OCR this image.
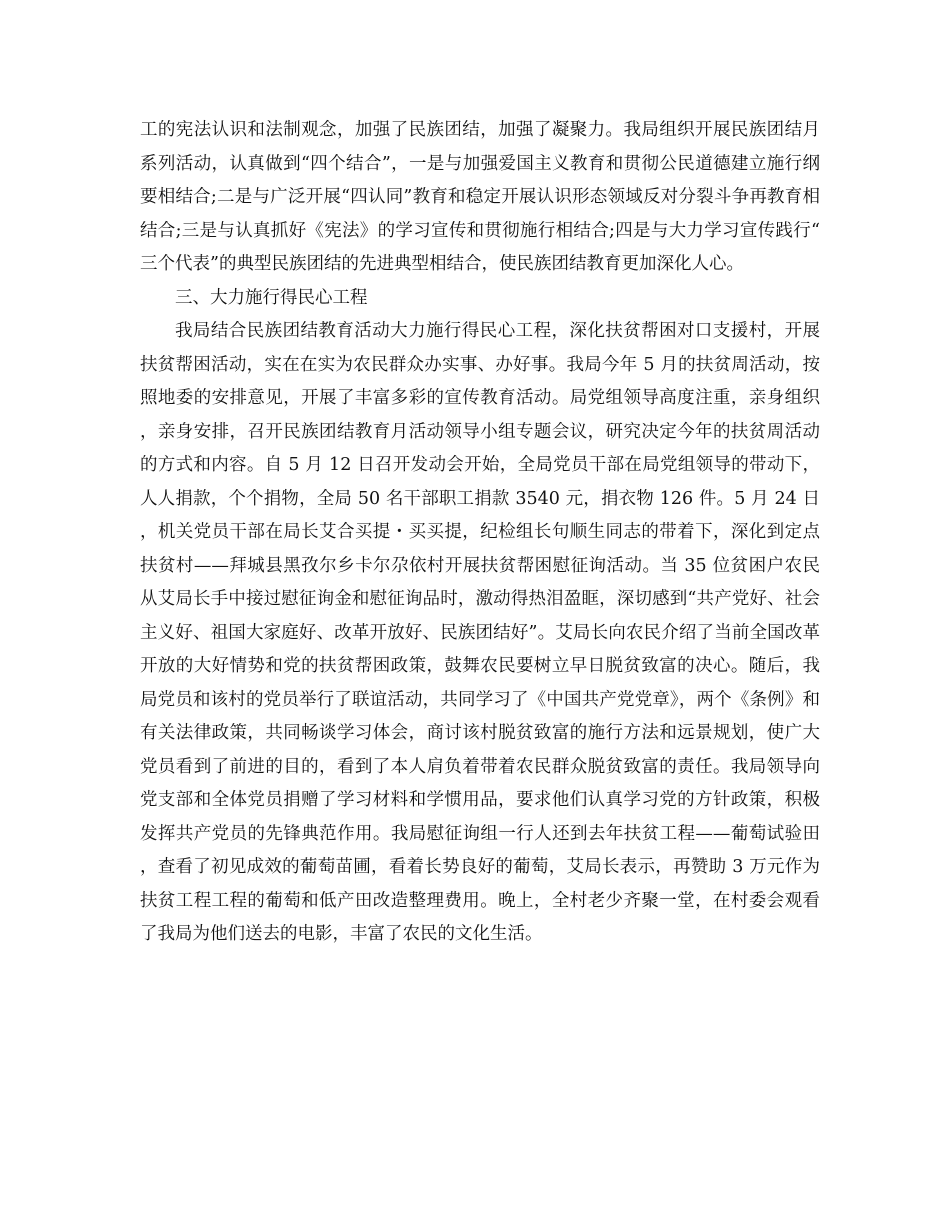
工的宪法认识和法制观念，加强了民族团结，加强了凝聚力。我局组织开展民族团结月系列活动，认真做到“四个结合”，一是与加强爱国主义教育和贯彻公民道德建立施行纲要相结合;二是与广泛开展“四认同”教育和稳定开展认识形态领域反对分裂斗争再教育相结合;三是与认真抓好《宪法》的学习宣传和贯彻施行相结合;四是与大力学习宣传践行“三个代表”的典型民族团结的先进典型相结合，使民族团结教育更加深化人心。

三、大力施行得民心工程

我局结合民族团结教育活动大力施行得民心工程，深化扶贫帮困对口支援村，开展扶贫帮困活动，实在在实为农民群众办实事、办好事。我局今年 5 月的扶贫周活动，按照地委的安排意见，开展了丰富多彩的宣传教育活动。局党组领导高度注重，亲身组织，亲身安排，召开民族团结教育月活动领导小组专题会议，研究决定今年的扶贫周活动的方式和内容。自 5 月 12 日召开发动会开始，全局党员干部在局党组领导的带动下，人人捐款，个个捐物，全局 50 名干部职工捐款 3540 元，捐衣物 126 件。5 月 24 日，机关党员干部在局长艾合买提・买买提，纪检组长句顺生同志的带着下，深化到定点扶贫村——拜城县黑孜尔乡卡尔尕依村开展扶贫帮困慰征询活动。当 35 位贫困户农民从艾局长手中接过慰征询金和慰征询品时，激动得热泪盈眶，深切感到“共产党好、社会主义好、祖国大家庭好、改革开放好、民族团结好”。艾局长向农民介绍了当前全国改革开放的大好情势和党的扶贫帮困政策，鼓舞农民要树立早日脱贫致富的决心。随后，我局党员和该村的党员举行了联谊活动，共同学习了《中国共产党党章》，两个《条例》和有关法律政策，共同畅谈学习体会，商讨该村脱贫致富的施行方法和远景规划，使广大党员看到了前进的目的，看到了本人肩负着带着农民群众脱贫致富的责任。我局领导向党支部和全体党员捐赠了学习材料和学惯用品，要求他们认真学习党的方针政策，积极发挥共产党员的先锋典范作用。我局慰征询组一行人还到去年扶贫工程——葡萄试验田，查看了初见成效的葡萄苗圃，看着长势良好的葡萄，艾局长表示，再赞助 3 万元作为扶贫工程工程的葡萄和低产田改造整理费用。晚上，全村老少齐聚一堂，在村委会观看了我局为他们送去的电影，丰富了农民的文化生活。
